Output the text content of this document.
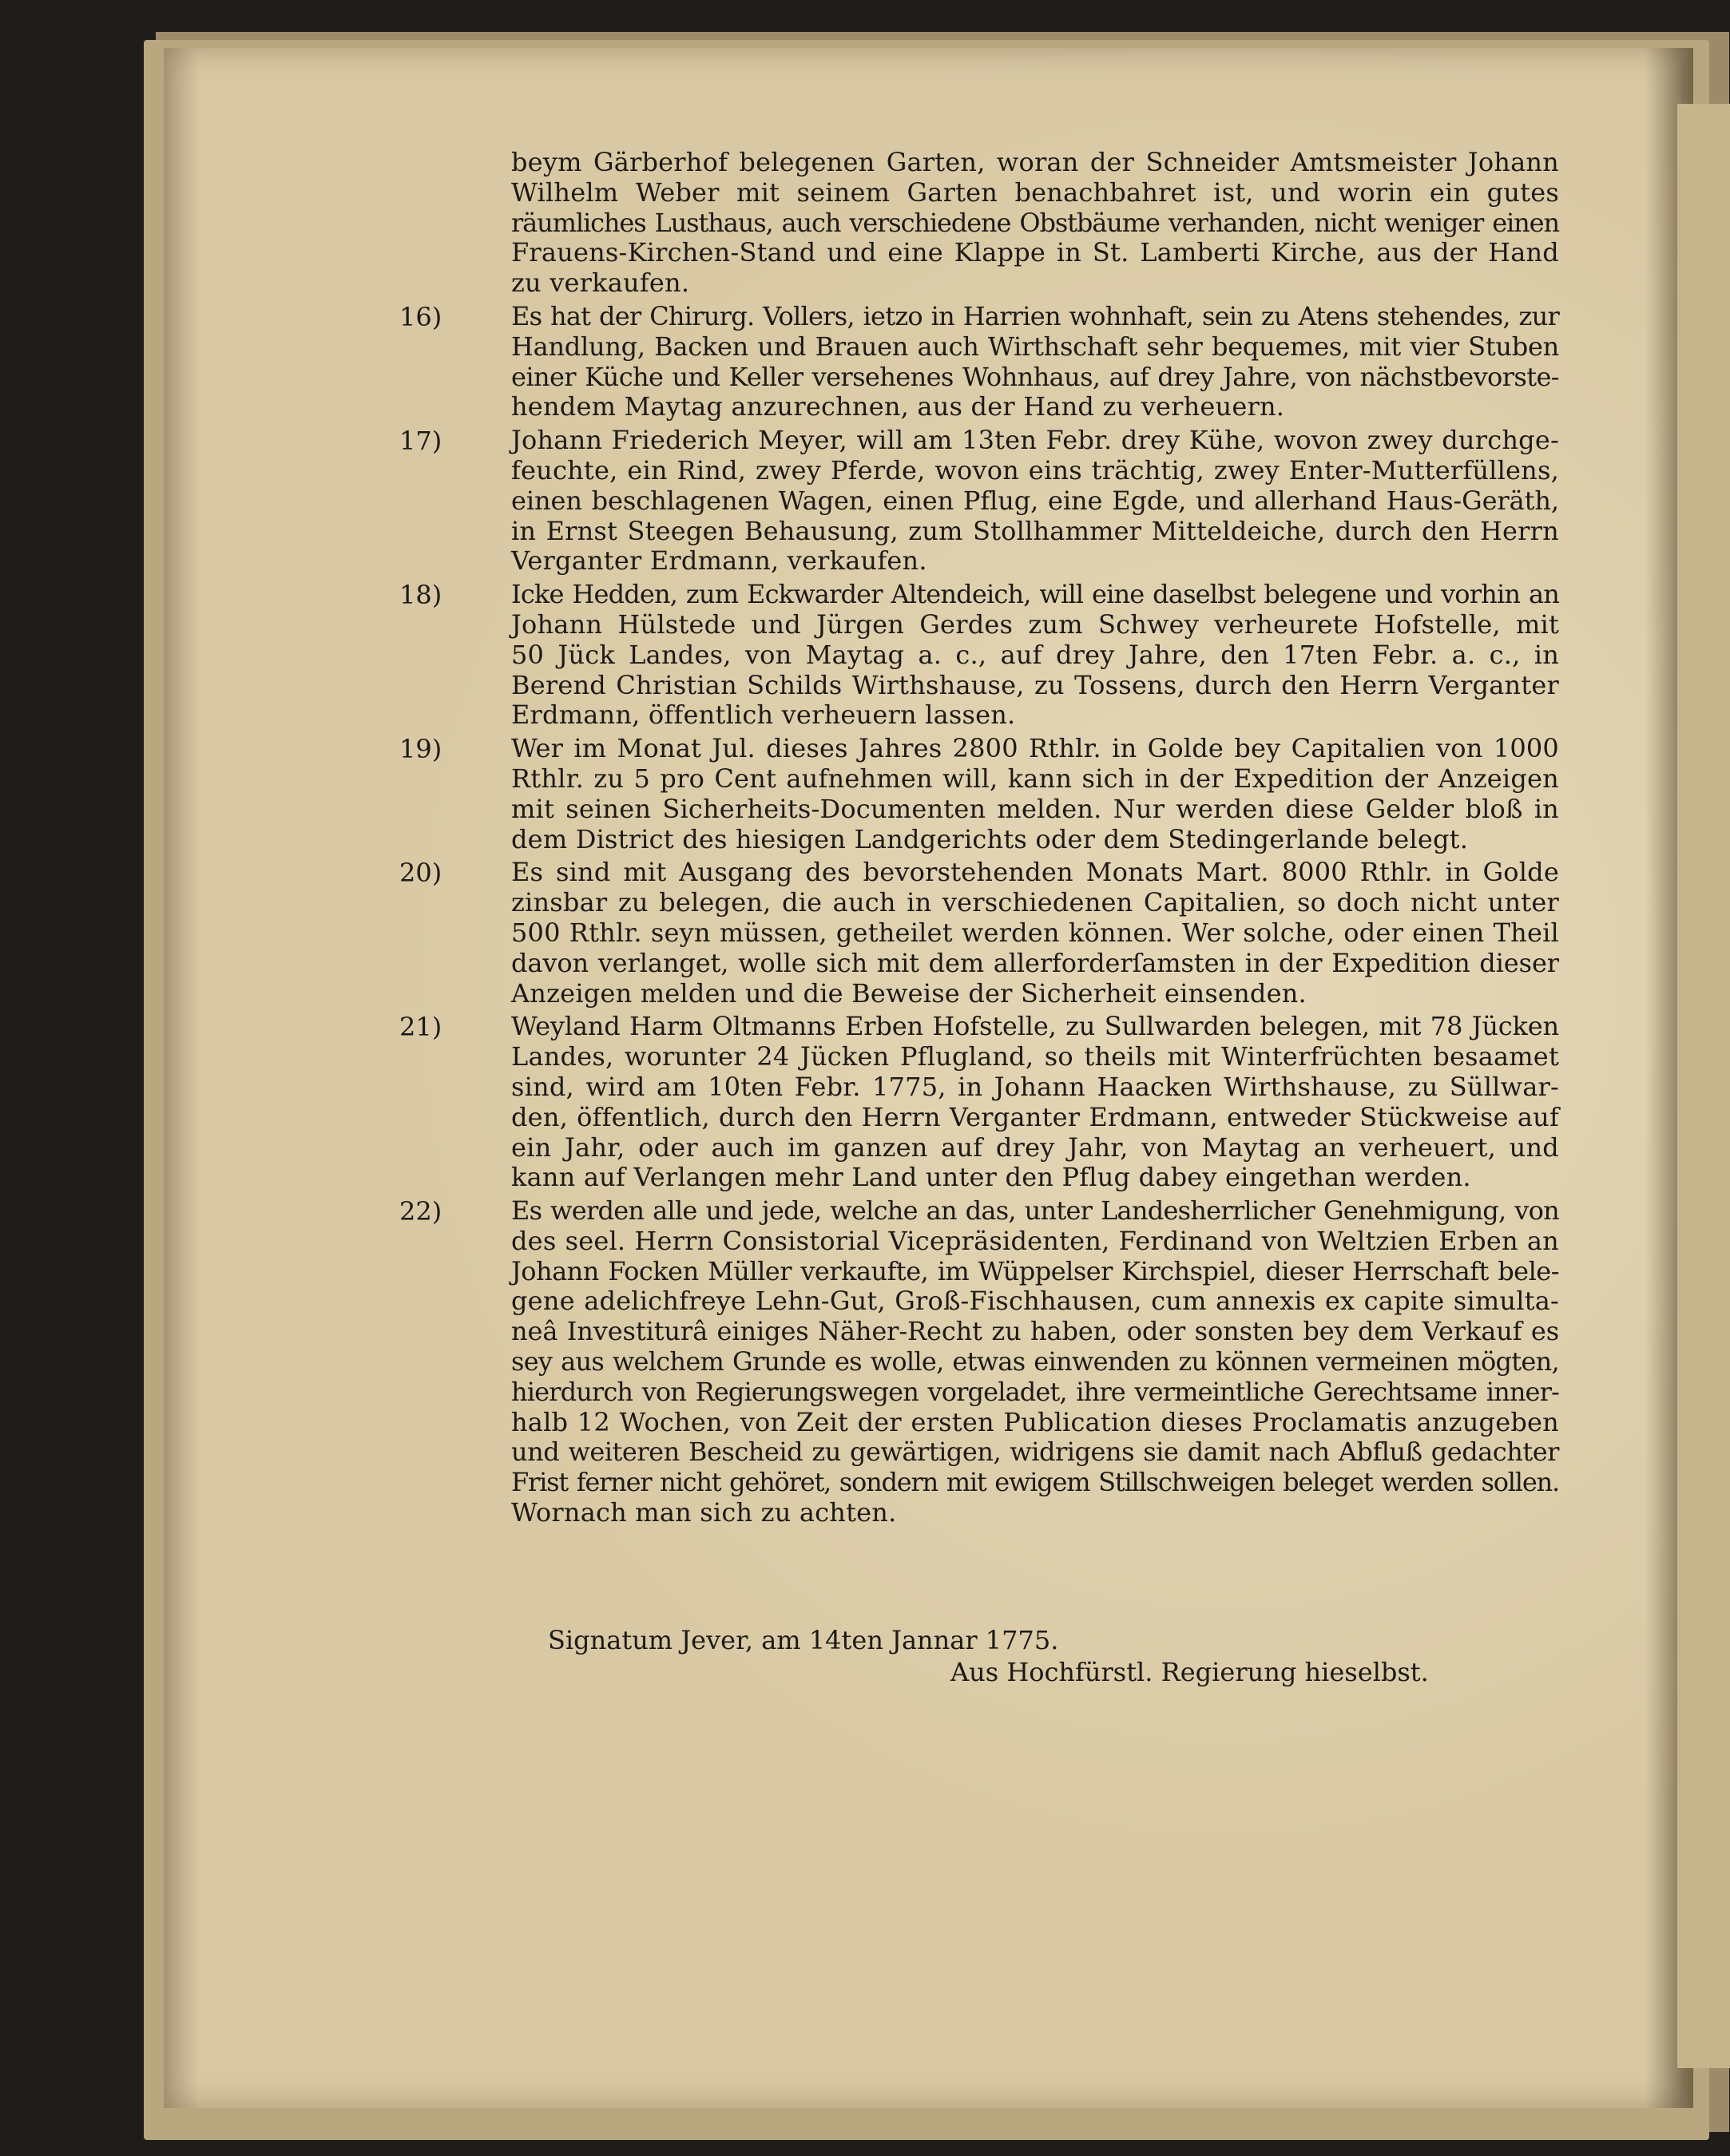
beym Gärberhof belegenen Garten, woran der Schneider Amtsmeister Johann
Wilhelm Weber mit seinem Garten benachbahret ist, und worin ein gutes
räumliches Lusthaus, auch verschiedene Obstbäume verhanden, nicht weniger einen
Frauens-Kirchen-Stand und eine Klappe in St. Lamberti Kirche, aus der Hand
zu verkaufen.
16)	Es hat der Chirurg. Vollers, ietzo in Harrien wohnhaft, sein zu Atens stehendes, zur
Handlung, Backen und Brauen auch Wirthschaft sehr bequemes, mit vier Stuben
einer Küche und Keller versehenes Wohnhaus, auf drey Jahre, von nächstbevorste-
hendem Maytag anzurechnen, aus der Hand zu verheuern.
17)	Johann Friederich Meyer, will am 13ten Febr. drey Kühe, wovon zwey durchge-
feuchte, ein Rind, zwey Pferde, wovon eins trächtig, zwey Enter-Mutterfüllens,
einen beschlagenen Wagen, einen Pflug, eine Egde, und allerhand Haus-Geräth,
in Ernst Steegen Behausung, zum Stollhammer Mitteldeiche, durch den Herrn
Verganter Erdmann, verkaufen.
18)	Icke Hedden, zum Eckwarder Altendeich, will eine daselbst belegene und vorhin an
Johann Hülstede und Jürgen Gerdes zum Schwey verheurete Hofstelle, mit
50 Jück Landes, von Maytag a. c., auf drey Jahre, den 17ten Febr. a. c., in
Berend Christian Schilds Wirthshause, zu Tossens, durch den Herrn Verganter
Erdmann, öffentlich verheuern lassen.
19)	Wer im Monat Jul. dieses Jahres 2800 Rthlr. in Golde bey Capitalien von 1000
Rthlr. zu 5 pro Cent aufnehmen will, kann sich in der Expedition der Anzeigen
mit seinen Sicherheits-Documenten melden. Nur werden diese Gelder bloß in
dem District des hiesigen Landgerichts oder dem Stedingerlande belegt.
20)	Es sind mit Ausgang des bevorstehenden Monats Mart. 8000 Rthlr. in Golde
zinsbar zu belegen, die auch in verschiedenen Capitalien, so doch nicht unter
500 Rthlr. seyn müssen, getheilet werden können. Wer solche, oder einen Theil
davon verlanget, wolle sich mit dem allerforderſamsten in der Expedition dieser
Anzeigen melden und die Beweise der Sicherheit einsenden.
21)	Weyland Harm Oltmanns Erben Hofstelle, zu Sullwarden belegen, mit 78 Jücken
Landes, worunter 24 Jücken Pflugland, so theils mit Winterfrüchten besaamet
sind, wird am 10ten Febr. 1775, in Johann Haacken Wirthshause, zu Süllwar-
den, öffentlich, durch den Herrn Verganter Erdmann, entweder Stückweise auf
ein Jahr, oder auch im ganzen auf drey Jahr, von Maytag an verheuert, und
kann auf Verlangen mehr Land unter den Pflug dabey eingethan werden.
22)	Es werden alle und jede, welche an das, unter Landesherrlicher Genehmigung, von
des seel. Herrn Consistorial Vicepräsidenten, Ferdinand von Weltzien Erben an
Johann Focken Müller verkaufte, im Wüppelser Kirchspiel, dieser Herrschaft bele-
gene adelichfreye Lehn-Gut, Groß-Fischhausen, cum annexis ex capite simulta-
neâ Investiturâ einiges Näher-Recht zu haben, oder sonsten bey dem Verkauf es
sey aus welchem Grunde es wolle, etwas einwenden zu können vermeinen mögten,
hierdurch von Regierungswegen vorgeladet, ihre vermeintliche Gerechtsame inner-
halb 12 Wochen, von Zeit der ersten Publication dieses Proclamatis anzugeben
und weiteren Bescheid zu gewärtigen, widrigens sie damit nach Abfluß gedachter
Frist ferner nicht gehöret, sondern mit ewigem Stillschweigen beleget werden sollen.
Wornach man sich zu achten.
Signatum Jever, am 14ten Jannar 1775.
Aus Hochfürstl. Regierung hieselbst.
